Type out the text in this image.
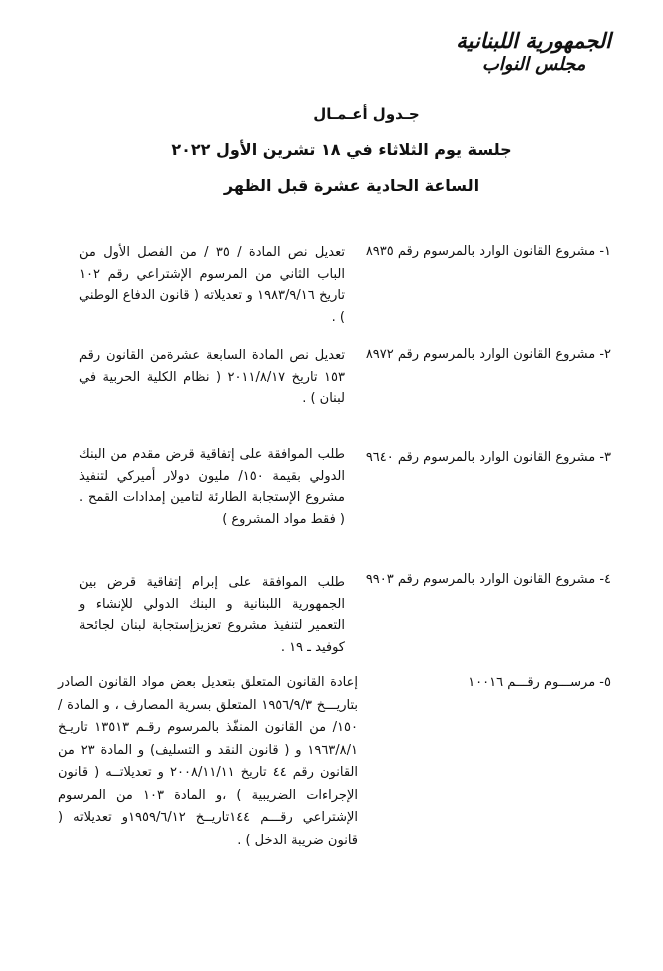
الجمهورية اللبنانية
مجلس النواب
جـدول أعـمـال
جلسة يوم الثلاثاء في ١٨ تشرين الأول ٢٠٢٢
الساعة الحادية عشرة قبل الظهر
١- مشروع القانون الوارد بالمرسوم رقم ٨٩٣٥
تعديل نص المادة / ٣٥ / من الفصل الأول من الباب الثاني من المرسوم الإشتراعي رقم ١٠٢ تاريخ ١٩٨٣/٩/١٦ و تعديلاته ( قانون الدفاع الوطني ) .
٢- مشروع القانون الوارد بالمرسوم رقم ٨٩٧٢
تعديل نص المادة السابعة عشرةمن القانون رقم ١٥٣ تاريخ ٢٠١١/٨/١٧ ( نظام الكلية الحربية في لبنان ) .
٣- مشروع القانون الوارد بالمرسوم رقم ٩٦٤٠
طلب الموافقة على إتفاقية قرض مقدم من البنك الدولي بقيمة ١٥٠/ مليون دولار أميركي لتنفيذ مشروع الإستجابة الطارئة لتامين إمدادات القمح . ( فقط مواد المشروع )
٤- مشروع القانون الوارد بالمرسوم رقم ٩٩٠٣
طلب الموافقة على إبرام إتفاقية قرض بين الجمهورية اللبنانية و البنك الدولي للإنشاء و التعمير لتنفيذ مشروع تعزيزإستجابة لبنان لجائحة كوفيد ـ ١٩ .
٥- مرســـوم رقـــم ١٠٠١٦
إعادة القانون المتعلق بتعديل بعض مواد القانون الصادر بتاريـــخ ١٩٥٦/٩/٣ المتعلق بسرية المصارف ، و المادة /١٥٠/ من القانون المنفّذ بالمرسوم رقـم ١٣٥١٣ تاريـخ ١٩٦٣/٨/١ و ( قانون النقد و التسليف) و المادة ٢٣ من القانون رقم ٤٤ تاريخ ٢٠٠٨/١١/١١ و تعديلاتــه ( قانون الإجراءات الضريبية ) ،و المادة ١٠٣ من المرسوم الإشتراعي رقـــم ١٤٤تاريــخ ١٩٥٩/٦/١٢و تعديلاته ( قانون ضريبة الدخل ) .
